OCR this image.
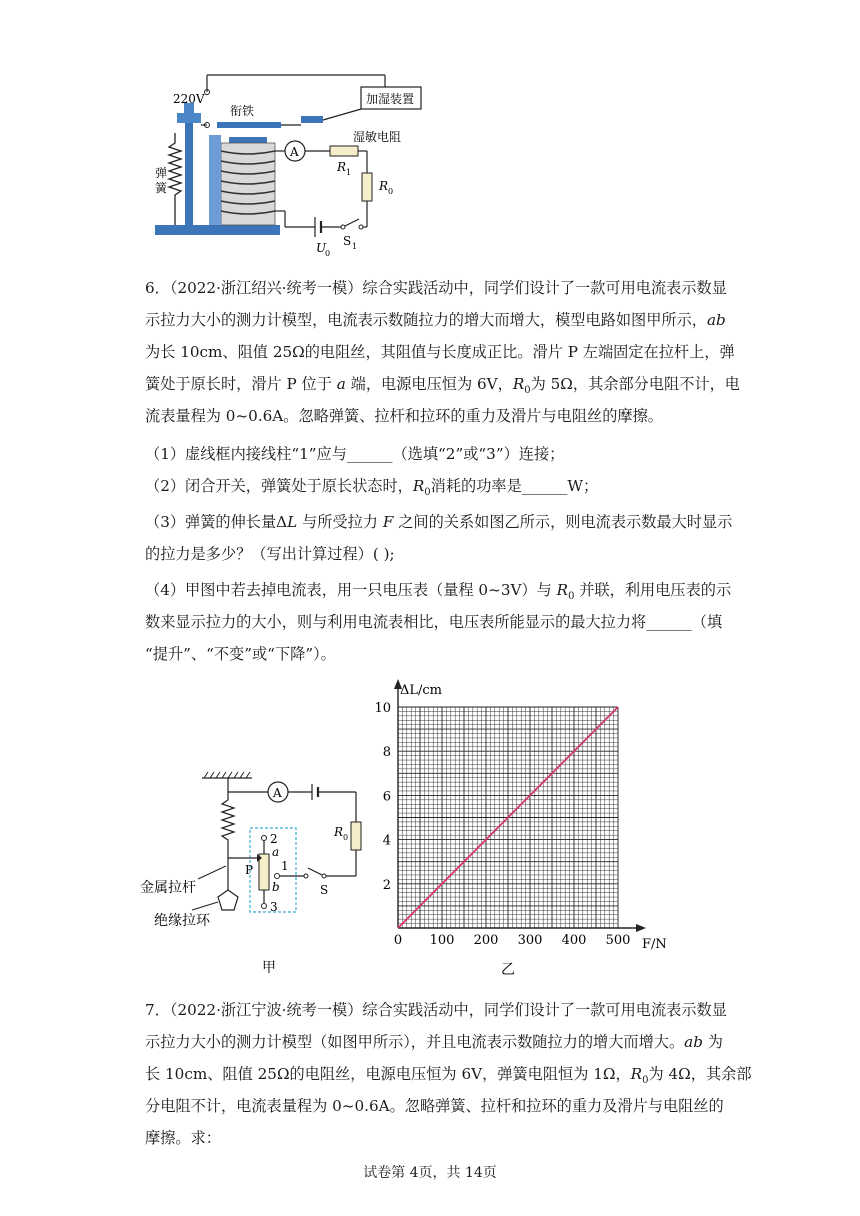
弹
簧
220V
衔铁
加湿装置
A
湿敏电阻
R 1
R 0
U
0
S 1
6．（2022·浙江绍兴·统考一模）综合实践活动中，同学们设计了一款可用电流表示数显
示拉力大小的测力计模型，电流表示数随拉力的增大而增大，模型电路如图甲所示，ab
为长 10cm、阻值 25Ω的电阻丝，其阻值与长度成正比。滑片 P 左端固定在拉杆上，弹
簧处于原长时，滑片 P 位于 a 端，电源电压恒为 6V，$R_0$为 5Ω，其余部分电阻不计，电
流表量程为 0~0.6A。忽略弹簧、拉杆和拉环的重力及滑片与电阻丝的摩擦。
（1）虚线框内接线柱“1”应与______（选填“2”或“3”）连接；
（2）闭合开关，弹簧处于原长状态时，$R_0$消耗的功率是______W；
（3）弹簧的伸长量ΔL 与所受拉力 F 之间的关系如图乙所示，则电流表示数最大时显示
的拉力是多少？（写出计算过程）( );
（4）甲图中若去掉电流表，用一只电压表（量程 0~3V）与 $R_0$ 并联，利用电压表的示
数来显示拉力的大小，则与利用电流表相比，电压表所能显示的最大拉力将______（填
“提升”、“不变”或“下降”）。
A
R 0
S
1
2
a
b
3
P
金属拉杆
绝缘拉环
甲
0 100 200 300 400 500
2
4
6
8
10
ΔL/cm
F/N
乙
7．（2022·浙江宁波·统考一模）综合实践活动中，同学们设计了一款可用电流表示数显
示拉力大小的测力计模型（如图甲所示），并且电流表示数随拉力的增大而增大。ab 为
长 10cm、阻值 25Ω的电阻丝，电源电压恒为 6V，弹簧电阻恒为 1Ω，$R_0$为 4Ω，其余部
分电阻不计，电流表量程为 0~0.6A。忽略弹簧、拉杆和拉环的重力及滑片与电阻丝的
摩擦。求：
试卷第 4页，共 14页
